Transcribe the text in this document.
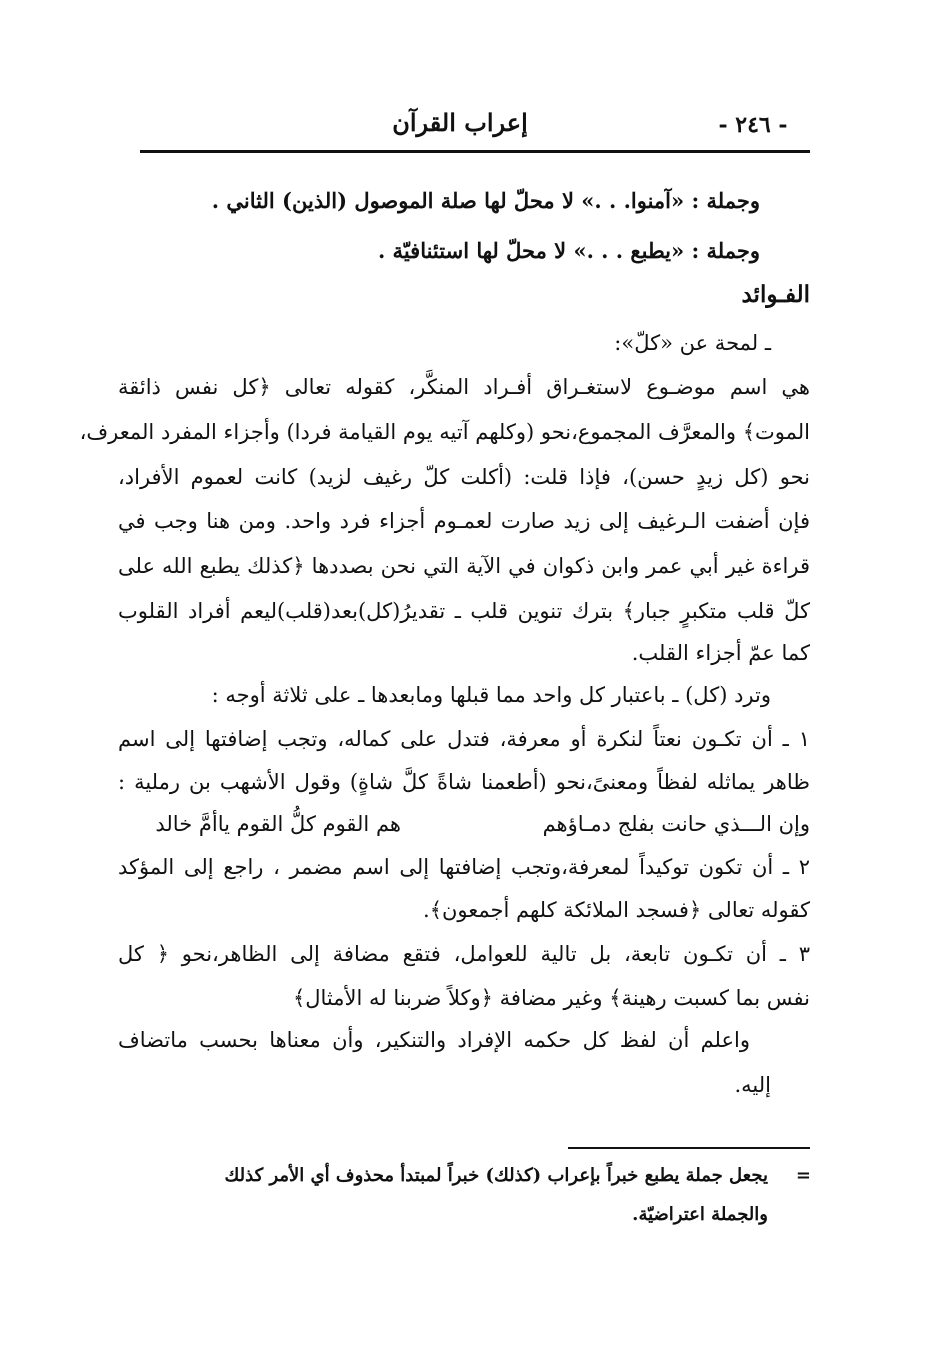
- ٢٤٦ -
إعراب القرآن
وجملة : «آمنوا. . .» لا محلّ لها صلة الموصول (الذين) الثاني .
وجملة : «يطبع . . .» لا محلّ لها استئنافيّة .
الفـوائد
ـ لمحة عن «كلّ»:
هي اسم موضـوع لاستغـراق أفـراد المنكَّر، كقوله تعالى ﴿كل نفس ذائقة
الموت﴾ والمعرَّف المجموع،نحو (وكلهم آتيه يوم القيامة فردا) وأجزاء المفرد المعرف،
نحو (كل زيدٍ حسن)، فإذا قلت: (أكلت كلّ رغيف لزيد) كانت لعموم الأفراد،
فإن أضفت الـرغيف إلى زيد صارت لعمـوم أجزاء فرد واحد. ومن هنا وجب في
قراءة غير أبي عمر وابن ذكوان في الآية التي نحن بصددها ﴿كذلك يطبع الله على
كلّ قلب متكبرٍ جبار﴾ بترك تنوين قلب ـ تقديرُ(كل)بعد(قلب)ليعم أفراد القلوب
كما عمّ أجزاء القلب.
وترد (كل) ـ باعتبار كل واحد مما قبلها ومابعدها ـ على ثلاثة أوجه :
١ ـ أن تكـون نعتاً لنكرة أو معرفة، فتدل على كماله، وتجب إضافتها إلى اسم
ظاهر يماثله لفظاً ومعنىً،نحو (أطعمنا شاةً كلَّ شاةٍ) وقول الأشهب بن رملية :
وإن الـــذي حانت بفلج دمـاؤهم
هم القوم كلُّ القوم ياأمَّ خالد
٢ ـ أن تكون توكيداً لمعرفة،وتجب إضافتها إلى اسم مضمر ، راجع إلى المؤكد
كقوله تعالى ﴿فسجد الملائكة كلهم أجمعون﴾.
٣ ـ أن تكـون تابعة، بل تالية للعوامل، فتقع مضافة إلى الظاهر،نحو ﴿ كل
نفس بما كسبت رهينة﴾ وغير مضافة ﴿وكلاً ضربنا له الأمثال﴾
واعلم أن لفظ كل حكمه الإفراد والتنكير، وأن معناها بحسب ماتضاف
إليه.
=
يجعل جملة يطبع خبراً بإعراب (كذلك) خبراً لمبتدأ محذوف أي الأمر كذلك
والجملة اعتراضيّة.
